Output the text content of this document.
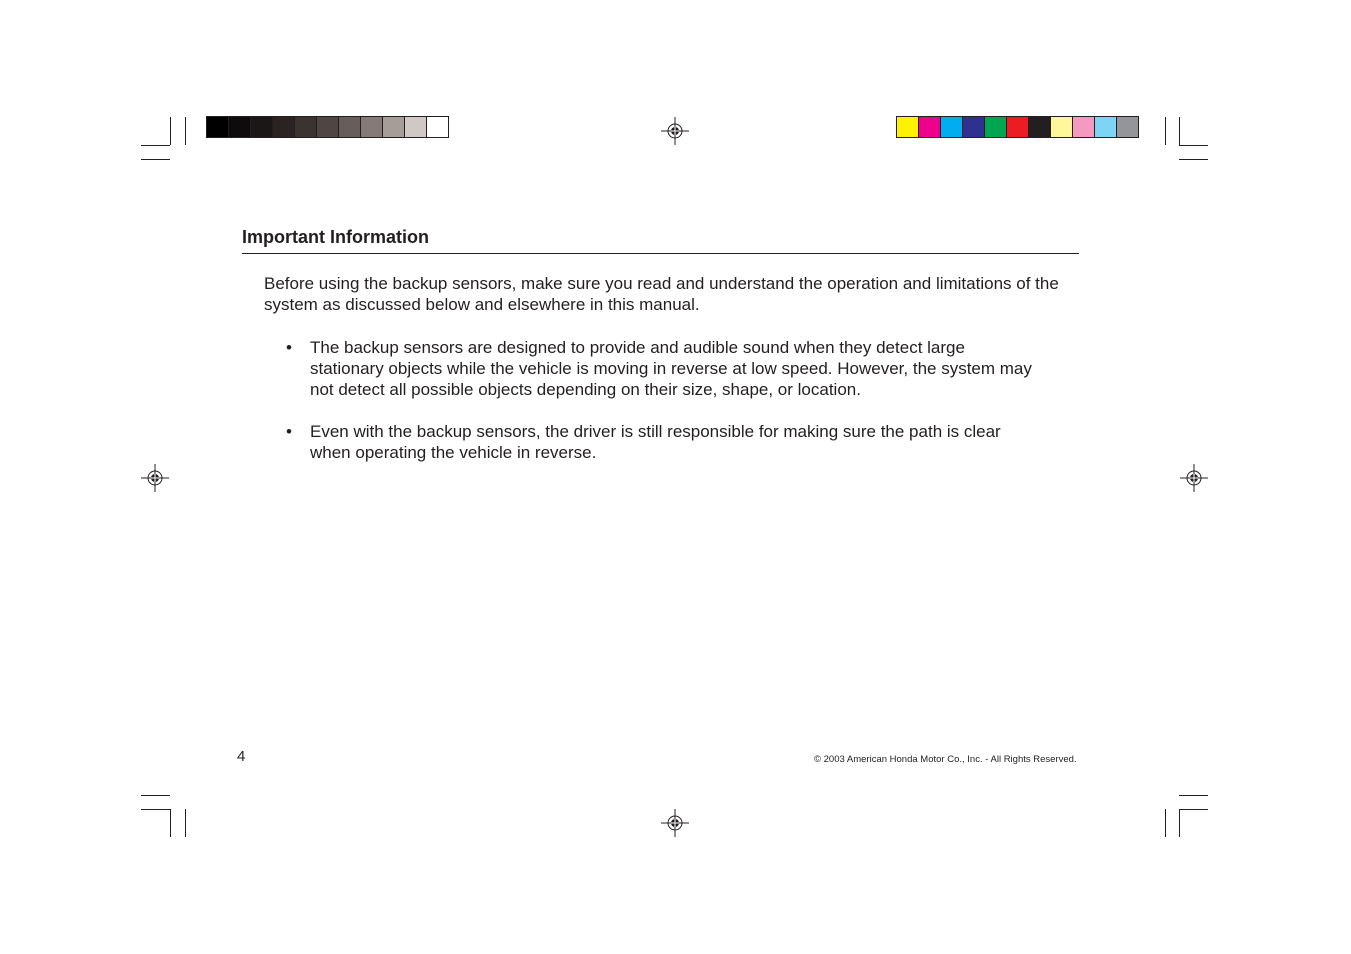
Important Information

Before using the backup sensors, make sure you read and understand the operation and limitations of the system as discussed below and elsewhere in this manual.

• The backup sensors are designed to provide and audible sound when they detect large stationary objects while the vehicle is moving in reverse at low speed. However, the system may not detect all possible objects depending on their size, shape, or location.
• Even with the backup sensors, the driver is still responsible for making sure the path is clear when operating the vehicle in reverse.
4	© 2003 American Honda Motor Co., Inc. - All Rights Reserved.
